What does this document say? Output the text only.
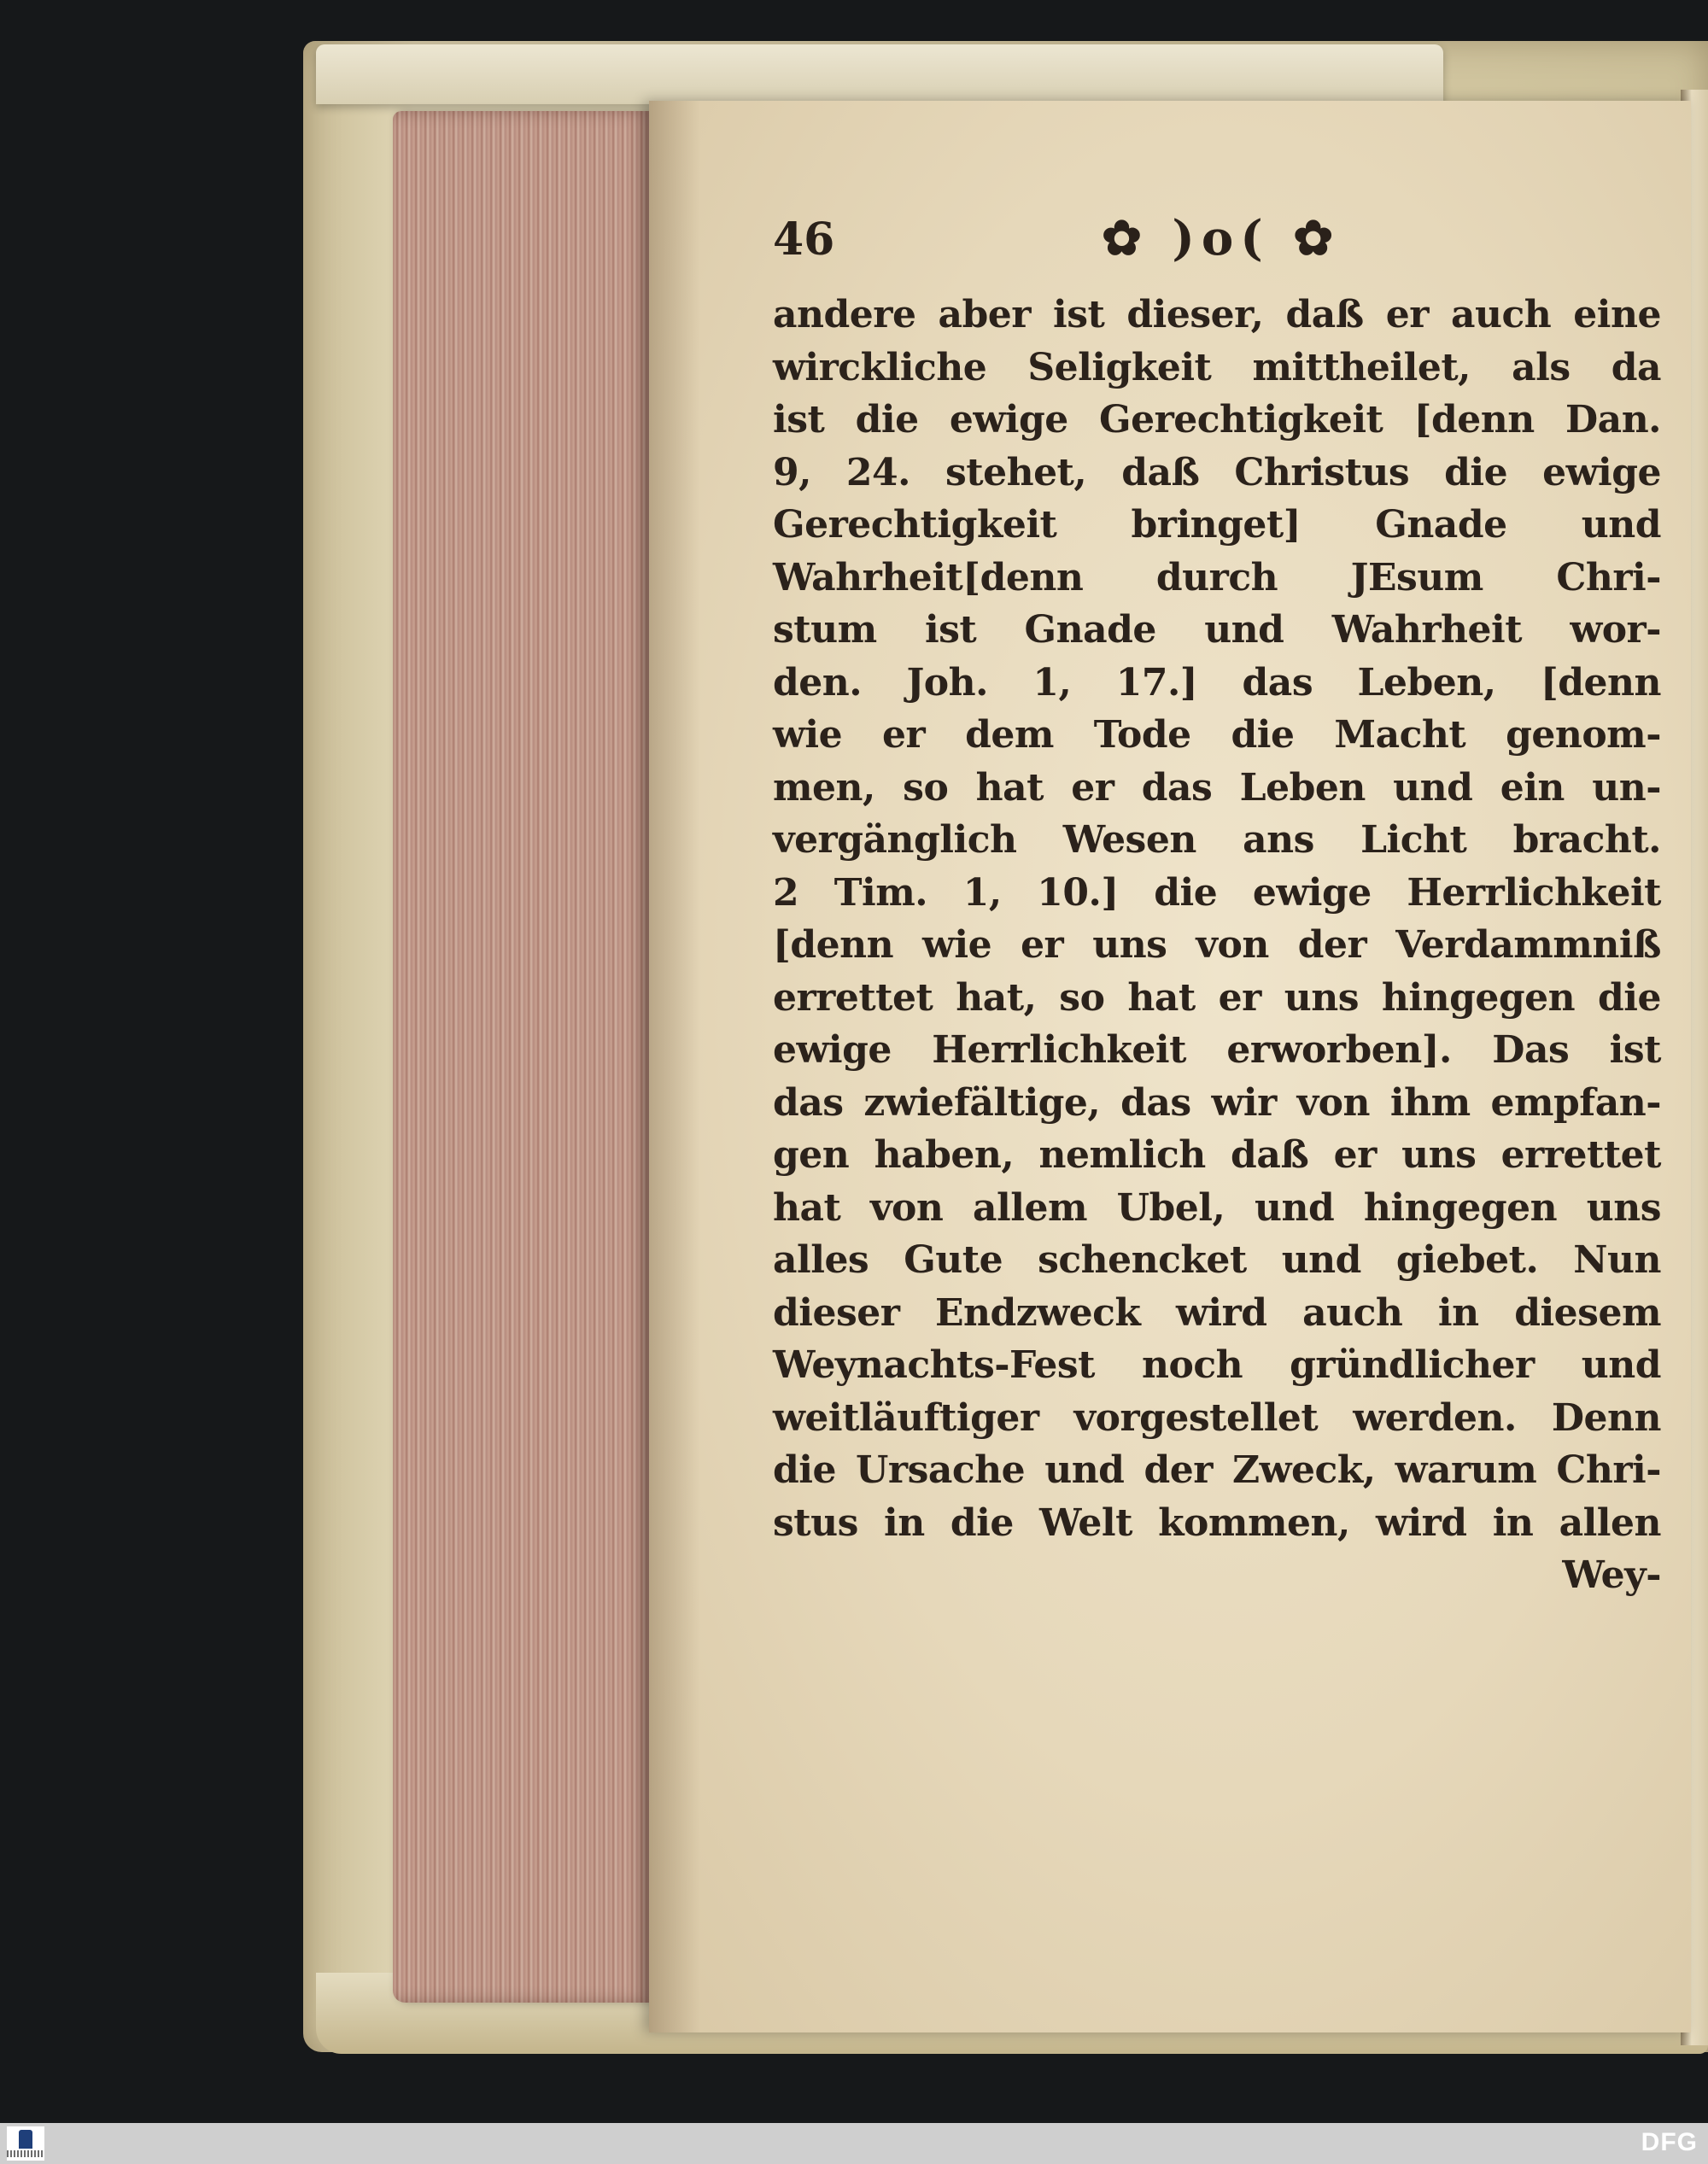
46	✿ )o( ✿
andere aber ist dieser, daß er auch eine
wirckliche Seligkeit mittheilet, als da
ist die ewige Gerechtigkeit [denn Dan.
9, 24. stehet, daß Christus die ewige
Gerechtigkeit bringet] Gnade und
Wahrheit[denn durch JEsum Chri-
stum ist Gnade und Wahrheit wor-
den. Joh. 1, 17.] das Leben, [denn
wie er dem Tode die Macht genom-
men, so hat er das Leben und ein un-
vergänglich Wesen ans Licht bracht.
2 Tim. 1, 10.] die ewige Herrlichkeit
[denn wie er uns von der Verdammniß
errettet hat, so hat er uns hingegen die
ewige Herrlichkeit erworben]. Das ist
das zwiefältige, das wir von ihm empfan-
gen haben, nemlich daß er uns errettet
hat von allem Ubel, und hingegen uns
alles Gute schencket und giebet. Nun
dieser Endzweck wird auch in diesem
Weynachts-Fest noch gründlicher und
weitläuftiger vorgestellet werden. Denn
die Ursache und der Zweck, warum Chri-
stus in die Welt kommen, wird in allen
Wey-
DFG
